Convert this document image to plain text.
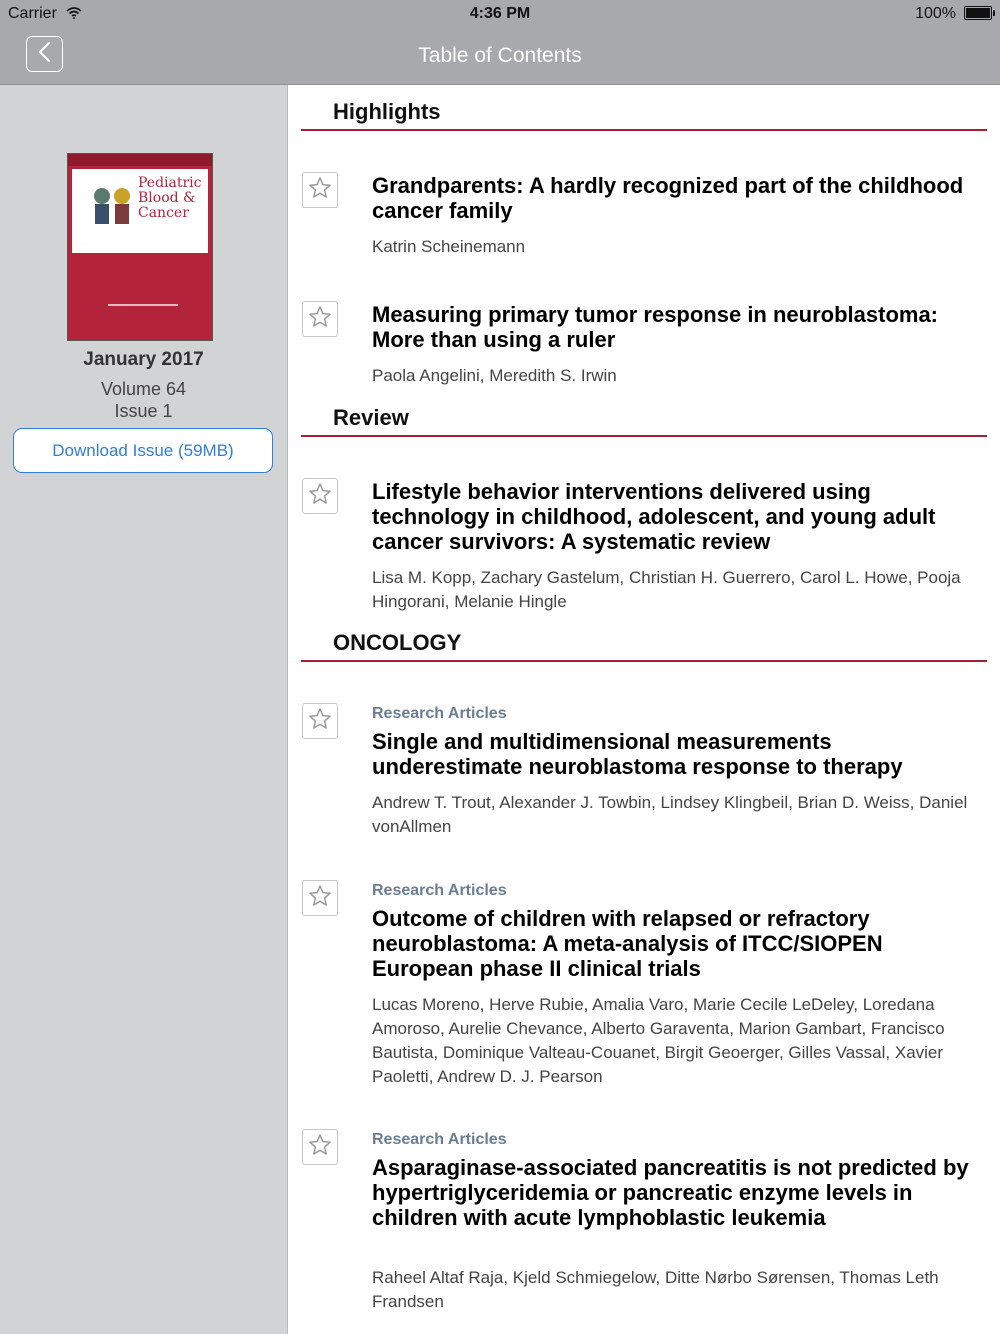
Carrier	4:36 PM	100%
Table of Contents
Pediatric
Blood &
Cancer
January 2017
Volume 64
Issue 1
Download Issue (59MB)
Highlights
Grandparents: A hardly recognized part of the childhood cancer family

Katrin Scheinemann

Measuring primary tumor response in neuroblastoma: More than using a ruler

Paola Angelini, Meredith S. Irwin

Review
Lifestyle behavior interventions delivered using technology in childhood, adolescent, and young adult cancer survivors: A systematic review

Lisa M. Kopp, Zachary Gastelum, Christian H. Guerrero, Carol L. Howe, Pooja Hingorani, Melanie Hingle

ONCOLOGY
Research Articles
Single and multidimensional measurements underestimate neuroblastoma response to therapy

Andrew T. Trout, Alexander J. Towbin, Lindsey Klingbeil, Brian D. Weiss, Daniel vonAllmen

Research Articles
Outcome of children with relapsed or refractory neuroblastoma: A meta-analysis of ITCC/SIOPEN European phase II clinical trials

Lucas Moreno, Herve Rubie, Amalia Varo, Marie Cecile LeDeley, Loredana Amoroso, Aurelie Chevance, Alberto Garaventa, Marion Gambart, Francisco Bautista, Dominique Valteau-Couanet, Birgit Geoerger, Gilles Vassal, Xavier Paoletti, Andrew D. J. Pearson

Research Articles
Asparaginase-associated pancreatitis is not predicted by hypertriglyceridemia or pancreatic enzyme levels in children with acute lymphoblastic leukemia

Raheel Altaf Raja, Kjeld Schmiegelow, Ditte Nørbo Sørensen, Thomas Leth Frandsen
